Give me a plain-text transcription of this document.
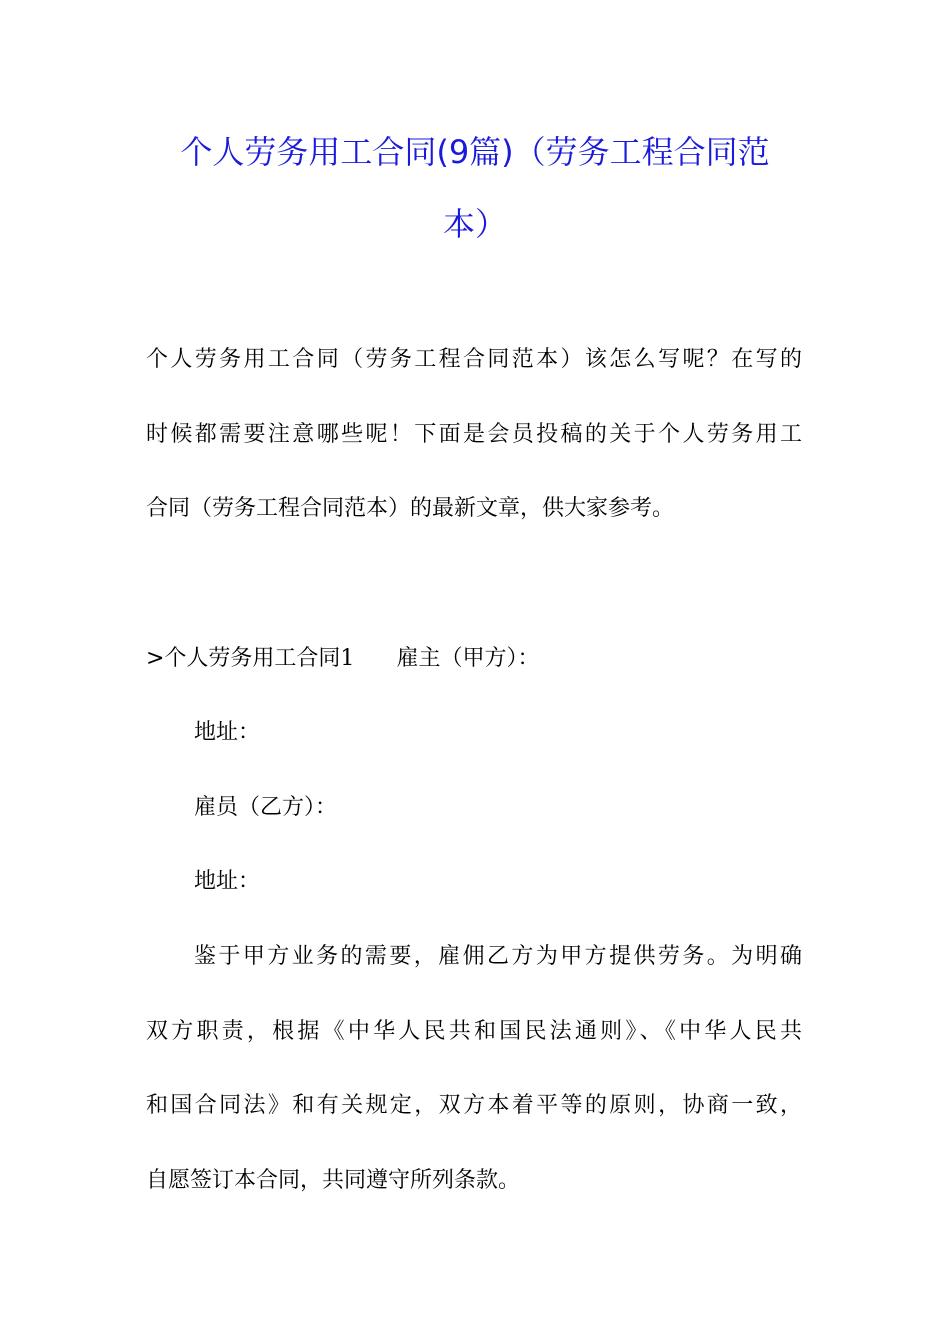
个人劳务用工合同(9篇)（劳务工程合同范
本）
个人劳务用工合同（劳务工程合同范本）该怎么写呢？在写的
时候都需要注意哪些呢！下面是会员投稿的关于个人劳务用工
合同（劳务工程合同范本）的最新文章，供大家参考。
>个人劳务用工合同1 雇主（甲方）：
地址：
雇员（乙方）：
地址：
鉴于甲方业务的需要，雇佣乙方为甲方提供劳务。为明确
双方职责，根据《中华人民共和国民法通则》、《中华人民共
和国合同法》和有关规定，双方本着平等的原则，协商一致，
自愿签订本合同，共同遵守所列条款。
